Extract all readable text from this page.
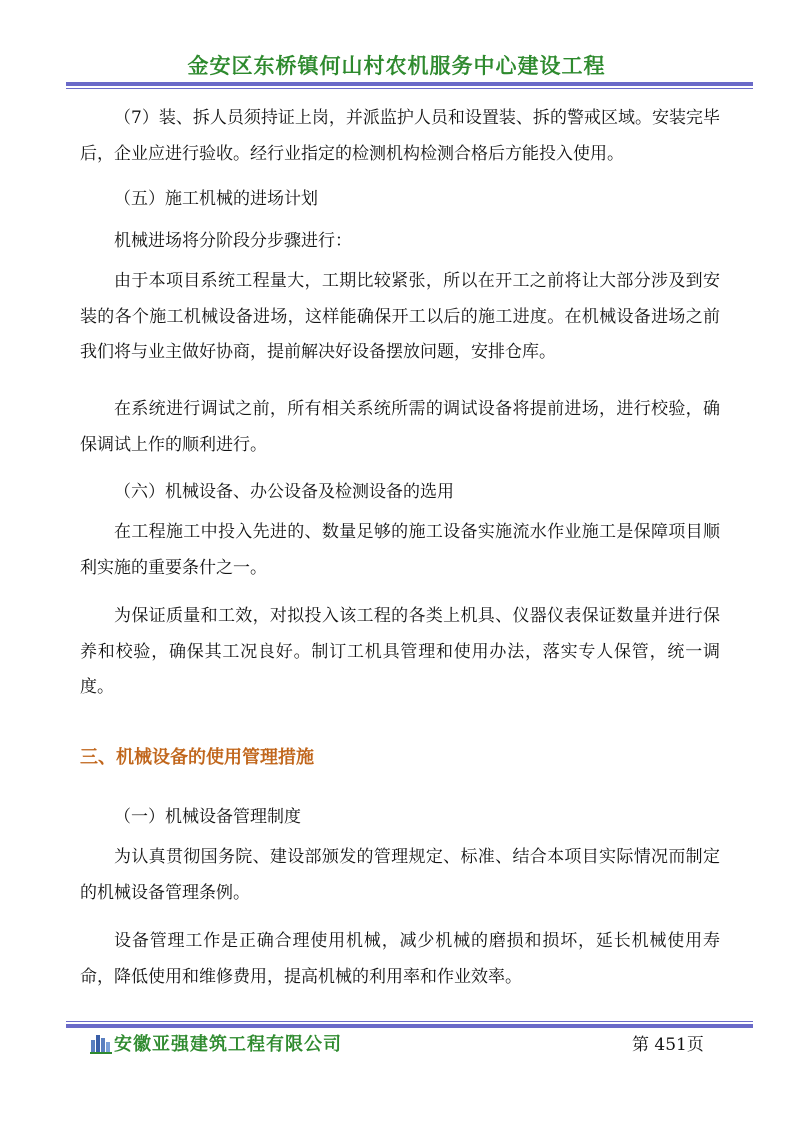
金安区东桥镇何山村农机服务中心建设工程
（7）装、拆人员须持证上岗，并派监护人员和设置装、拆的警戒区域。安装完毕后，企业应进行验收。经行业指定的检测机构检测合格后方能投入使用。
（五）施工机械的进场计划
机械进场将分阶段分步骤进行：
由于本项目系统工程量大，工期比较紧张，所以在开工之前将让大部分涉及到安装的各个施工机械设备进场，这样能确保开工以后的施工进度。在机械设备进场之前我们将与业主做好协商，提前解决好设备摆放问题，安排仓库。
在系统进行调试之前，所有相关系统所需的调试设备将提前进场，进行校验，确保调试上作的顺利进行。
（六）机械设备、办公设备及检测设备的选用
在工程施工中投入先进的、数量足够的施工设备实施流水作业施工是保障项目顺利实施的重要条什之一。
为保证质量和工效，对拟投入该工程的各类上机具、仪器仪表保证数量并进行保养和校验，确保其工况良好。制订工机具管理和使用办法，落实专人保管，统一调度。
三、机械设备的使用管理措施
（一）机械设备管理制度
为认真贯彻国务院、建设部颁发的管理规定、标准、结合本项目实际情况而制定的机械设备管理条例。
设备管理工作是正确合理使用机械，减少机械的磨损和损坏，延长机械使用寿命，降低使用和维修费用，提高机械的利用率和作业效率。
安徽亚强建筑工程有限公司	第 451页
